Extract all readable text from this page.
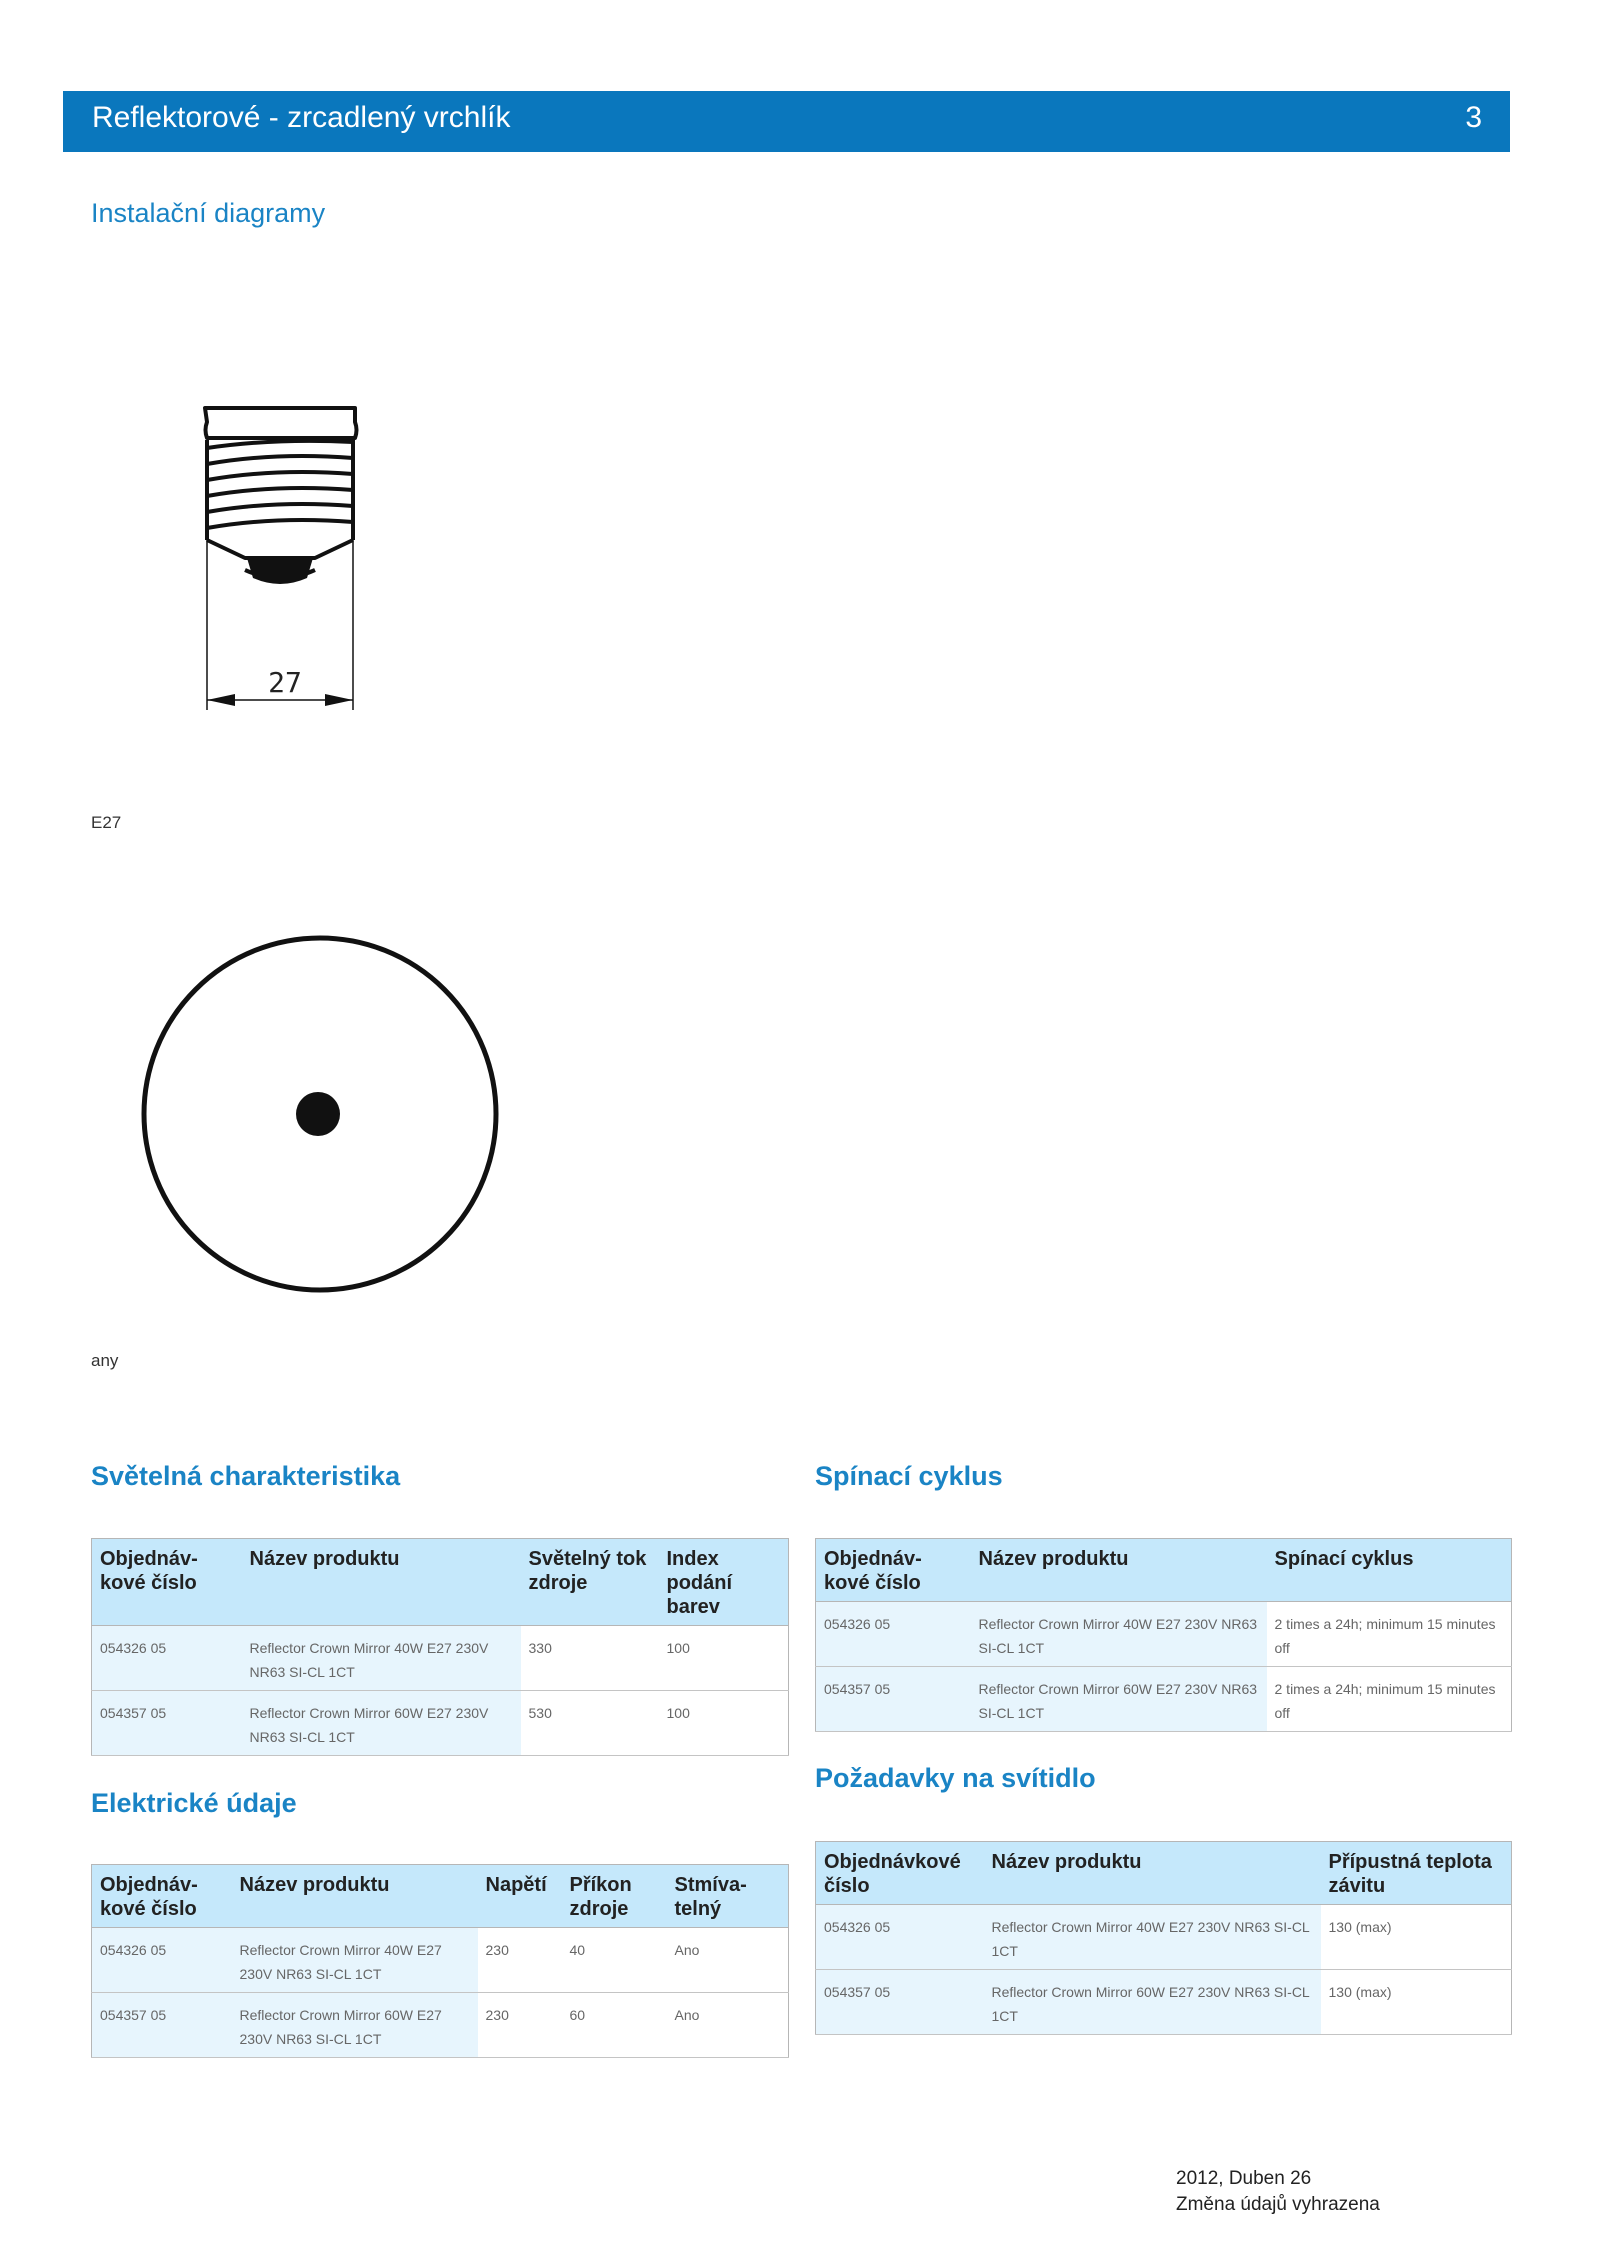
Reflektorové - zrcadlený vrchlík	3
Instalační diagramy
27
E27
any
Světelná charakteristika
Objednáv-kové číslo	Název produktu	Světelný tok zdroje	Index podání barev
054326 05	Reflector Crown Mirror 40W E27 230V NR63 SI-CL 1CT	330	100
054357 05	Reflector Crown Mirror 60W E27 230V NR63 SI-CL 1CT	530	100
Elektrické údaje
Objednáv-kové číslo	Název produktu	Napětí	Příkon zdroje	Stmíva-telný
054326 05	Reflector Crown Mirror 40W E27 230V NR63 SI-CL 1CT	230	40	Ano
054357 05	Reflector Crown Mirror 60W E27 230V NR63 SI-CL 1CT	230	60	Ano
Spínací cyklus
Objednáv-kové číslo	Název produktu	Spínací cyklus
054326 05	Reflector Crown Mirror 40W E27 230V NR63 SI-CL 1CT	2 times a 24h; minimum 15 minutes off
054357 05	Reflector Crown Mirror 60W E27 230V NR63 SI-CL 1CT	2 times a 24h; minimum 15 minutes off
Požadavky na svítidlo
Objednávkové číslo	Název produktu	Přípustná teplota závitu
054326 05	Reflector Crown Mirror 40W E27 230V NR63 SI-CL 1CT	130 (max)
054357 05	Reflector Crown Mirror 60W E27 230V NR63 SI-CL 1CT	130 (max)
2012, Duben 26
Změna údajů vyhrazena
